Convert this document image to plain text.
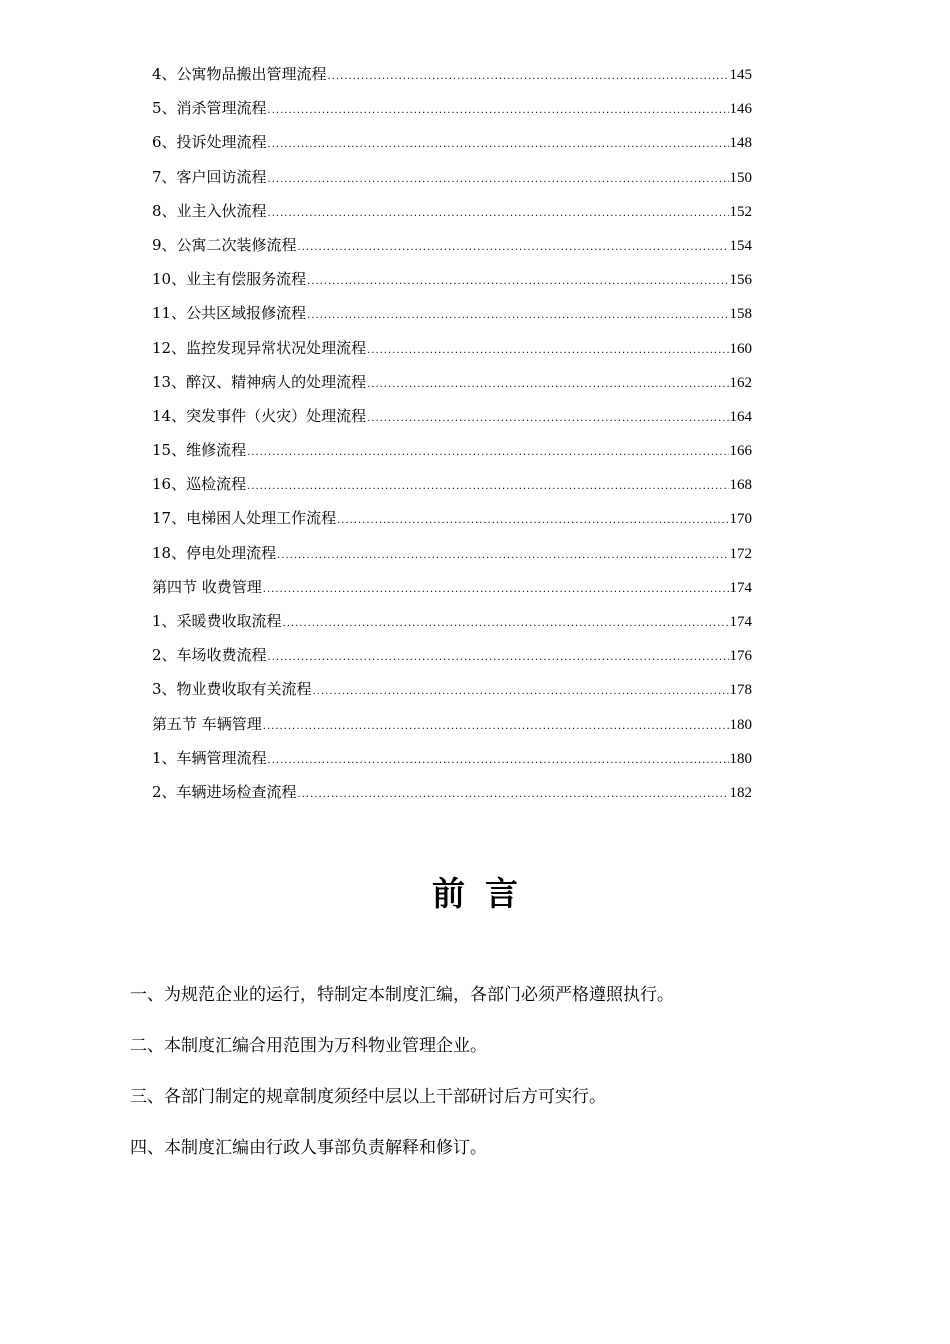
4、公寓物品搬出管理流程 .....	145
5、消杀管理流程 .....	146
6、投诉处理流程 .....	148
7、客户回访流程 .....	150
8、业主入伙流程 .....	152
9、公寓二次装修流程 .....	154
10、业主有偿服务流程 .....	156
11、公共区域报修流程 .....	158
12、监控发现异常状况处理流程 .....	160
13、醉汉、精神病人的处理流程 .....	162
14、突发事件（火灾）处理流程 .....	164
15、维修流程 .....	166
16、巡检流程 .....	168
17、电梯困人处理工作流程 .....	170
18、停电处理流程 .....	172
第四节 收费管理 .....	174
1、采暖费收取流程 .....	174
2、车场收费流程 .....	176
3、物业费收取有关流程 .....	178
第五节 车辆管理 .....	180
1、车辆管理流程 .....	180
2、车辆进场检查流程 .....	182
前言
一、为规范企业的运行，特制定本制度汇编，各部门必须严格遵照执行。
二、本制度汇编合用范围为万科物业管理企业。
三、各部门制定的规章制度须经中层以上干部研讨后方可实行。
四、本制度汇编由行政人事部负责解释和修订。
